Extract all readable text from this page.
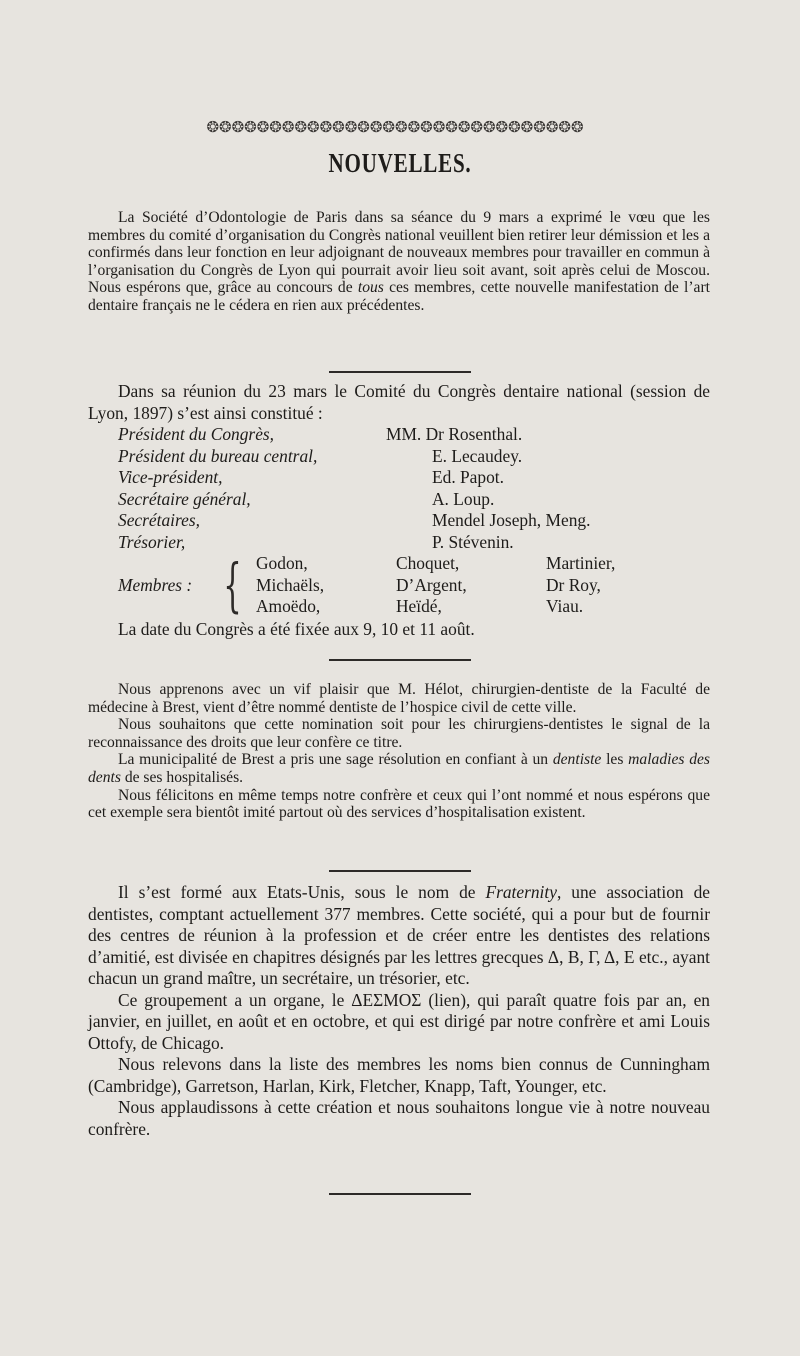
❂❂❂❂❂❂❂❂❂❂❂❂❂❂❂❂❂❂❂❂❂❂❂❂❂❂❂❂❂❂
NOUVELLES.

La Société d’Odontologie de Paris dans sa séance du 9 mars a exprimé le vœu que les membres du comité d’organisation du Congrès national veuillent bien retirer leur démission et les a confirmés dans leur fonction en leur adjoignant de nouveaux membres pour travailler en commun à l’organisation du Congrès de Lyon qui pourrait avoir lieu soit avant, soit après celui de Moscou. Nous espérons que, grâce au concours de tous ces membres, cette nouvelle manifestation de l’art dentaire français ne le cédera en rien aux précédentes.

Dans sa réunion du 23 mars le Comité du Congrès dentaire national (session de Lyon, 1897) s’est ainsi constitué :

Président du Congrès,	MM. Dr Rosenthal.
Président du bureau central,	E. Lecaudey.
Vice-président,	Ed. Papot.
Secrétaire général,	A. Loup.
Secrétaires,	Mendel Joseph, Meng.
Trésorier,	P. Stévenin.
Membres : { Godon,	Choquet,	Martinier,
Michaëls,	D’Argent,	Dr Roy,
Amoëdo,	Heïdé,	Viau.
La date du Congrès a été fixée aux 9, 10 et 11 août.
Nous apprenons avec un vif plaisir que M. Hélot, chirurgien-dentiste de la Faculté de médecine à Brest, vient d’être nommé dentiste de l’hospice civil de cette ville.
Nous souhaitons que cette nomination soit pour les chirurgiens-dentistes le signal de la reconnaissance des droits que leur confère ce titre.
La municipalité de Brest a pris une sage résolution en confiant à un dentiste les maladies des dents de ses hospitalisés.
Nous félicitons en même temps notre confrère et ceux qui l’ont nommé et nous espérons que cet exemple sera bientôt imité partout où des services d’hospitalisation existent.
Il s’est formé aux Etats-Unis, sous le nom de Fraternity, une association de dentistes, comptant actuellement 377 membres. Cette société, qui a pour but de fournir des centres de réunion à la profession et de créer entre les dentistes des relations d’amitié, est divisée en chapitres désignés par les lettres grecques Δ, B, Γ, Δ, E etc., ayant chacun un grand maître, un secrétaire, un trésorier, etc.
Ce groupement a un organe, le ΔΕΣΜΟΣ (lien), qui paraît quatre fois par an, en janvier, en juillet, en août et en octobre, et qui est dirigé par notre confrère et ami Louis Ottofy, de Chicago.
Nous relevons dans la liste des membres les noms bien connus de Cunningham (Cambridge), Garretson, Harlan, Kirk, Fletcher, Knapp, Taft, Younger, etc.
Nous applaudissons à cette création et nous souhaitons longue vie à notre nouveau confrère.
